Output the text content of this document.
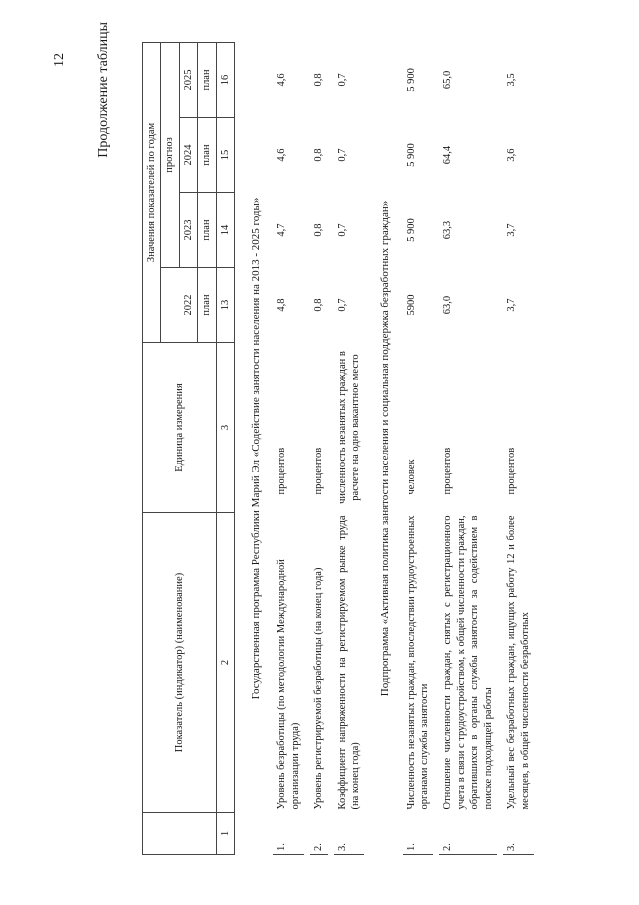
12 Продолжение таблицы
	Показатель (индикатор) (наименование)	Единица измерения	Значения показателей по годам			

			2022 план	прогноз		
				2023	2024	2025
				план	план	план
1	2	3	13	14	15	16
Государственная программа Республики Марий Эл «Содействие занятости населения на 2013 - 2025 годы»						
1.	Уровень безработицы (по методологии Международной организации труда)	процентов	4,8	4,7	4,6	4,6

2.	Уровень регистрируемой безработицы (на конец года)	процентов	0,8	0,8	0,8	0,8

3.	Коэффициент напряженности на регистрируемом рынке труда (на конец года)	численность незанятых граждан в расчете на одно вакантное место	0,7	0,7	0,7	0,7
Подпрограмма «Активная политика занятости населения и социальная поддержка безработных граждан»						
1.	Численность незанятых граждан, впоследствии трудоустроенных органами службы занятости	человек	5900	5 900	5 900	5 900

2.	Отношение численности граждан, снятых с регистрационного учета в связи с трудоустройством, к общей численности граждан, обратившихся в органы службы занятости за содействием в поиске подходящей работы	процентов	63,0	63,3	64,4	65,0

3.	Удельный вес безработных граждан, ищущих работу 12 и более месяцев, в общей численности безработных	процентов	3,7	3,7	3,6	3,5
